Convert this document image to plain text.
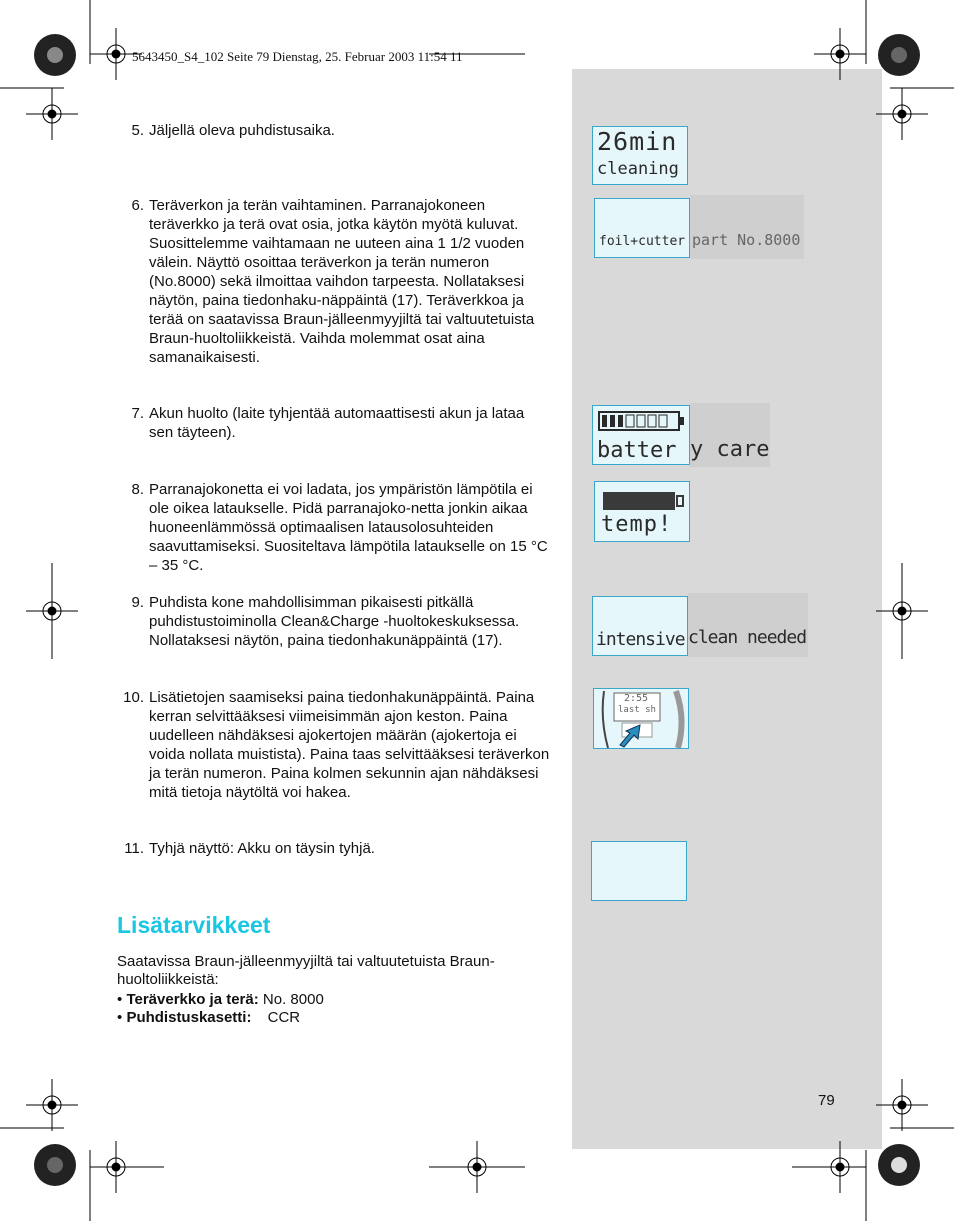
5643450_S4_102 Seite 79 Dienstag, 25. Februar 2003 11:54 11
5. Jäljellä oleva puhdistusaika.
6. Teräverkon ja terän vaihtaminen. Parranajokoneen teräverkko ja terä ovat osia, jotka käytön myötä kuluvat. Suosittelemme vaihtamaan ne uuteen aina 1 1/2 vuoden välein. Näyttö osoittaa teräverkon ja terän numeron (No.8000) sekä ilmoittaa vaihdon tarpeesta. Nollataksesi näytön, paina tiedonhaku-näppäintä (17). Teräverkkoa ja terää on saatavissa Braun-jälleenmyyjiltä tai valtuutetuista Braun-huoltoliikkeistä. Vaihda molemmat osat aina samanaikaisesti.
7. Akun huolto (laite tyhjentää automaattisesti akun ja lataa sen täyteen).
8. Parranajokonetta ei voi ladata, jos ympäristön lämpötila ei ole oikea lataukselle. Pidä parranajoko-netta jonkin aikaa huoneenlämmössä optimaalisen latausolosuhteiden saavuttamiseksi. Suositeltava lämpötila lataukselle on 15 °C – 35 °C.
9. Puhdista kone mahdollisimman pikaisesti pitkällä puhdistustoiminolla Clean&Charge -huoltokeskuksessa. Nollataksesi näytön, paina tiedonhakunäppäintä (17).
10. Lisätietojen saamiseksi paina tiedonhakunäppäintä. Paina kerran selvittääksesi viimeisimmän ajon keston. Paina uudelleen nähdäksesi ajokertojen määrän (ajokertoja ei voida nollata muistista). Paina taas selvittääksesi teräverkon ja terän numeron. Paina kolmen sekunnin ajan nähdäksesi mitä tietoja näytöltä voi hakea.
11. Tyhjä näyttö: Akku on täysin tyhjä.
Lisätarvikkeet
Saatavissa Braun-jälleenmyyjiltä tai valtuutetuista Braun-huoltoliikkeistä:
• Teräverkko ja terä: No. 8000
• Puhdistuskasetti: CCR
26min
cleaning
part No.8000
foil+cutter
y care
batter
temp!
clean needed
intensive
2:55
last sh
79
